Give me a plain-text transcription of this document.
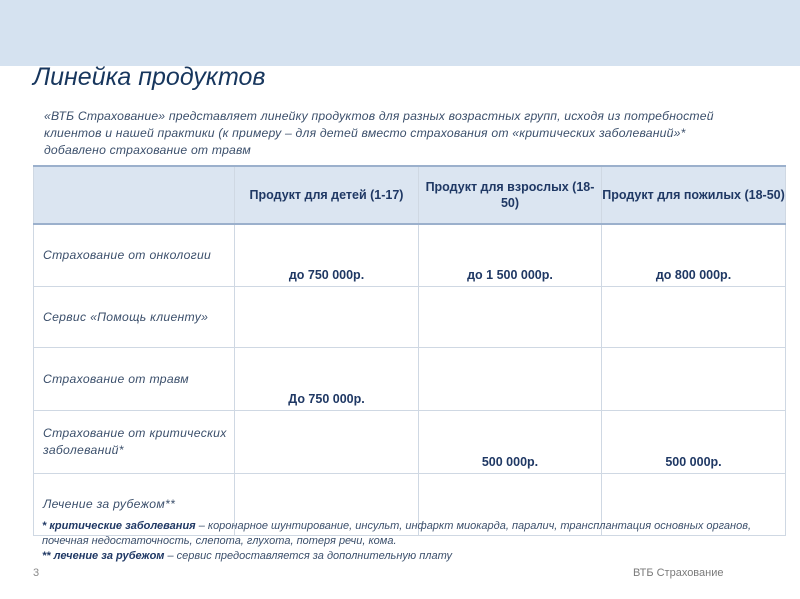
Линейка продуктов
«ВТБ Страхование» представляет линейку продуктов для разных возрастных групп, исходя из потребностей клиентов и нашей практики (к примеру – для детей вместо страхования от «критических заболеваний»* добавлено страхование от травм
	Продукт для детей (1-17)	Продукт для взрослых (18-50)	Продукт для пожилых (18-50)
Страхование от онкологии	до 750 000р.	до 1 500 000р.	до 800 000р.
Сервис «Помощь клиенту»			
Страхование от травм	До 750 000р.		
Страхование от критических заболеваний*		500 000р.	500 000р.
Лечение за рубежом**			
* критические заболевания – коронарное шунтирование, инсульт, инфаркт миокарда, паралич, трансплантация основных органов, почечная недостаточность, слепота, глухота, потеря речи, кома.
** лечение за рубежом – сервис предоставляется за дополнительную плату
3	ВТБ Страхование
